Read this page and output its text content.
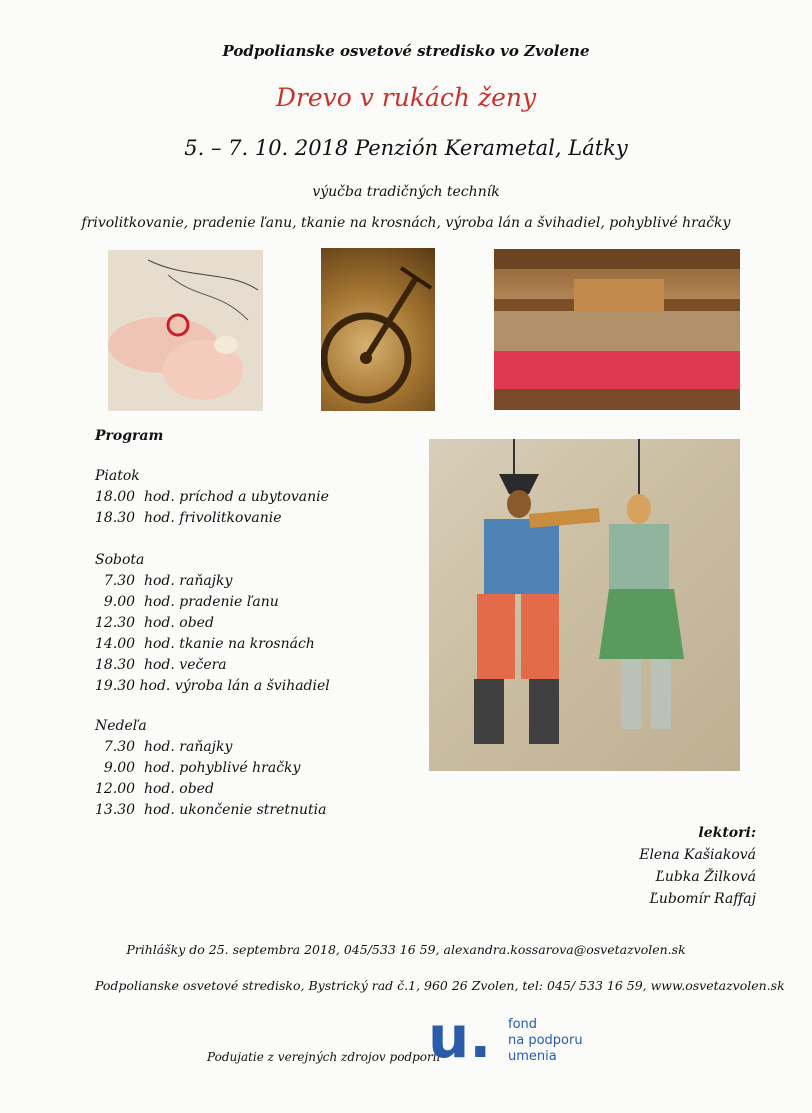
Podpolianske osvetové stredisko vo Zvolene
Drevo v rukách ženy
5. – 7. 10. 2018 Penzión Kerametal, Látky
výučba tradičných techník
frivolitkovanie, pradenie ľanu, tkanie na krosnách, výroba lán a švihadiel, pohyblivé hračky
Program
Piatok
18.00  hod. príchod a ubytovanie
18.30  hod. frivolitkovanie
Sobota
7.30  hod. raňajky
9.00  hod. pradenie ľanu
12.30  hod. obed
14.00  hod. tkanie na krosnách
18.30  hod. večera
19.30 hod. výroba lán a švihadiel
Nedeľa
7.30  hod. raňajky
9.00  hod. pohyblivé hračky
12.00  hod. obed
13.30  hod. ukončenie stretnutia
lektori:
Elena Kašiaková
Ľubka Žilková
Ľubomír Raffaj
Prihlášky do 25. septembra 2018, 045/533 16 59, alexandra.kossarova@osvetazvolen.sk
Podpolianske osvetové stredisko, Bystrický rad č.1, 960 26 Zvolen, tel: 045/ 533 16 59, www.osvetazvolen.sk
Podujatie z verejných zdrojov podporil
u. fond
na podporu
umenia
